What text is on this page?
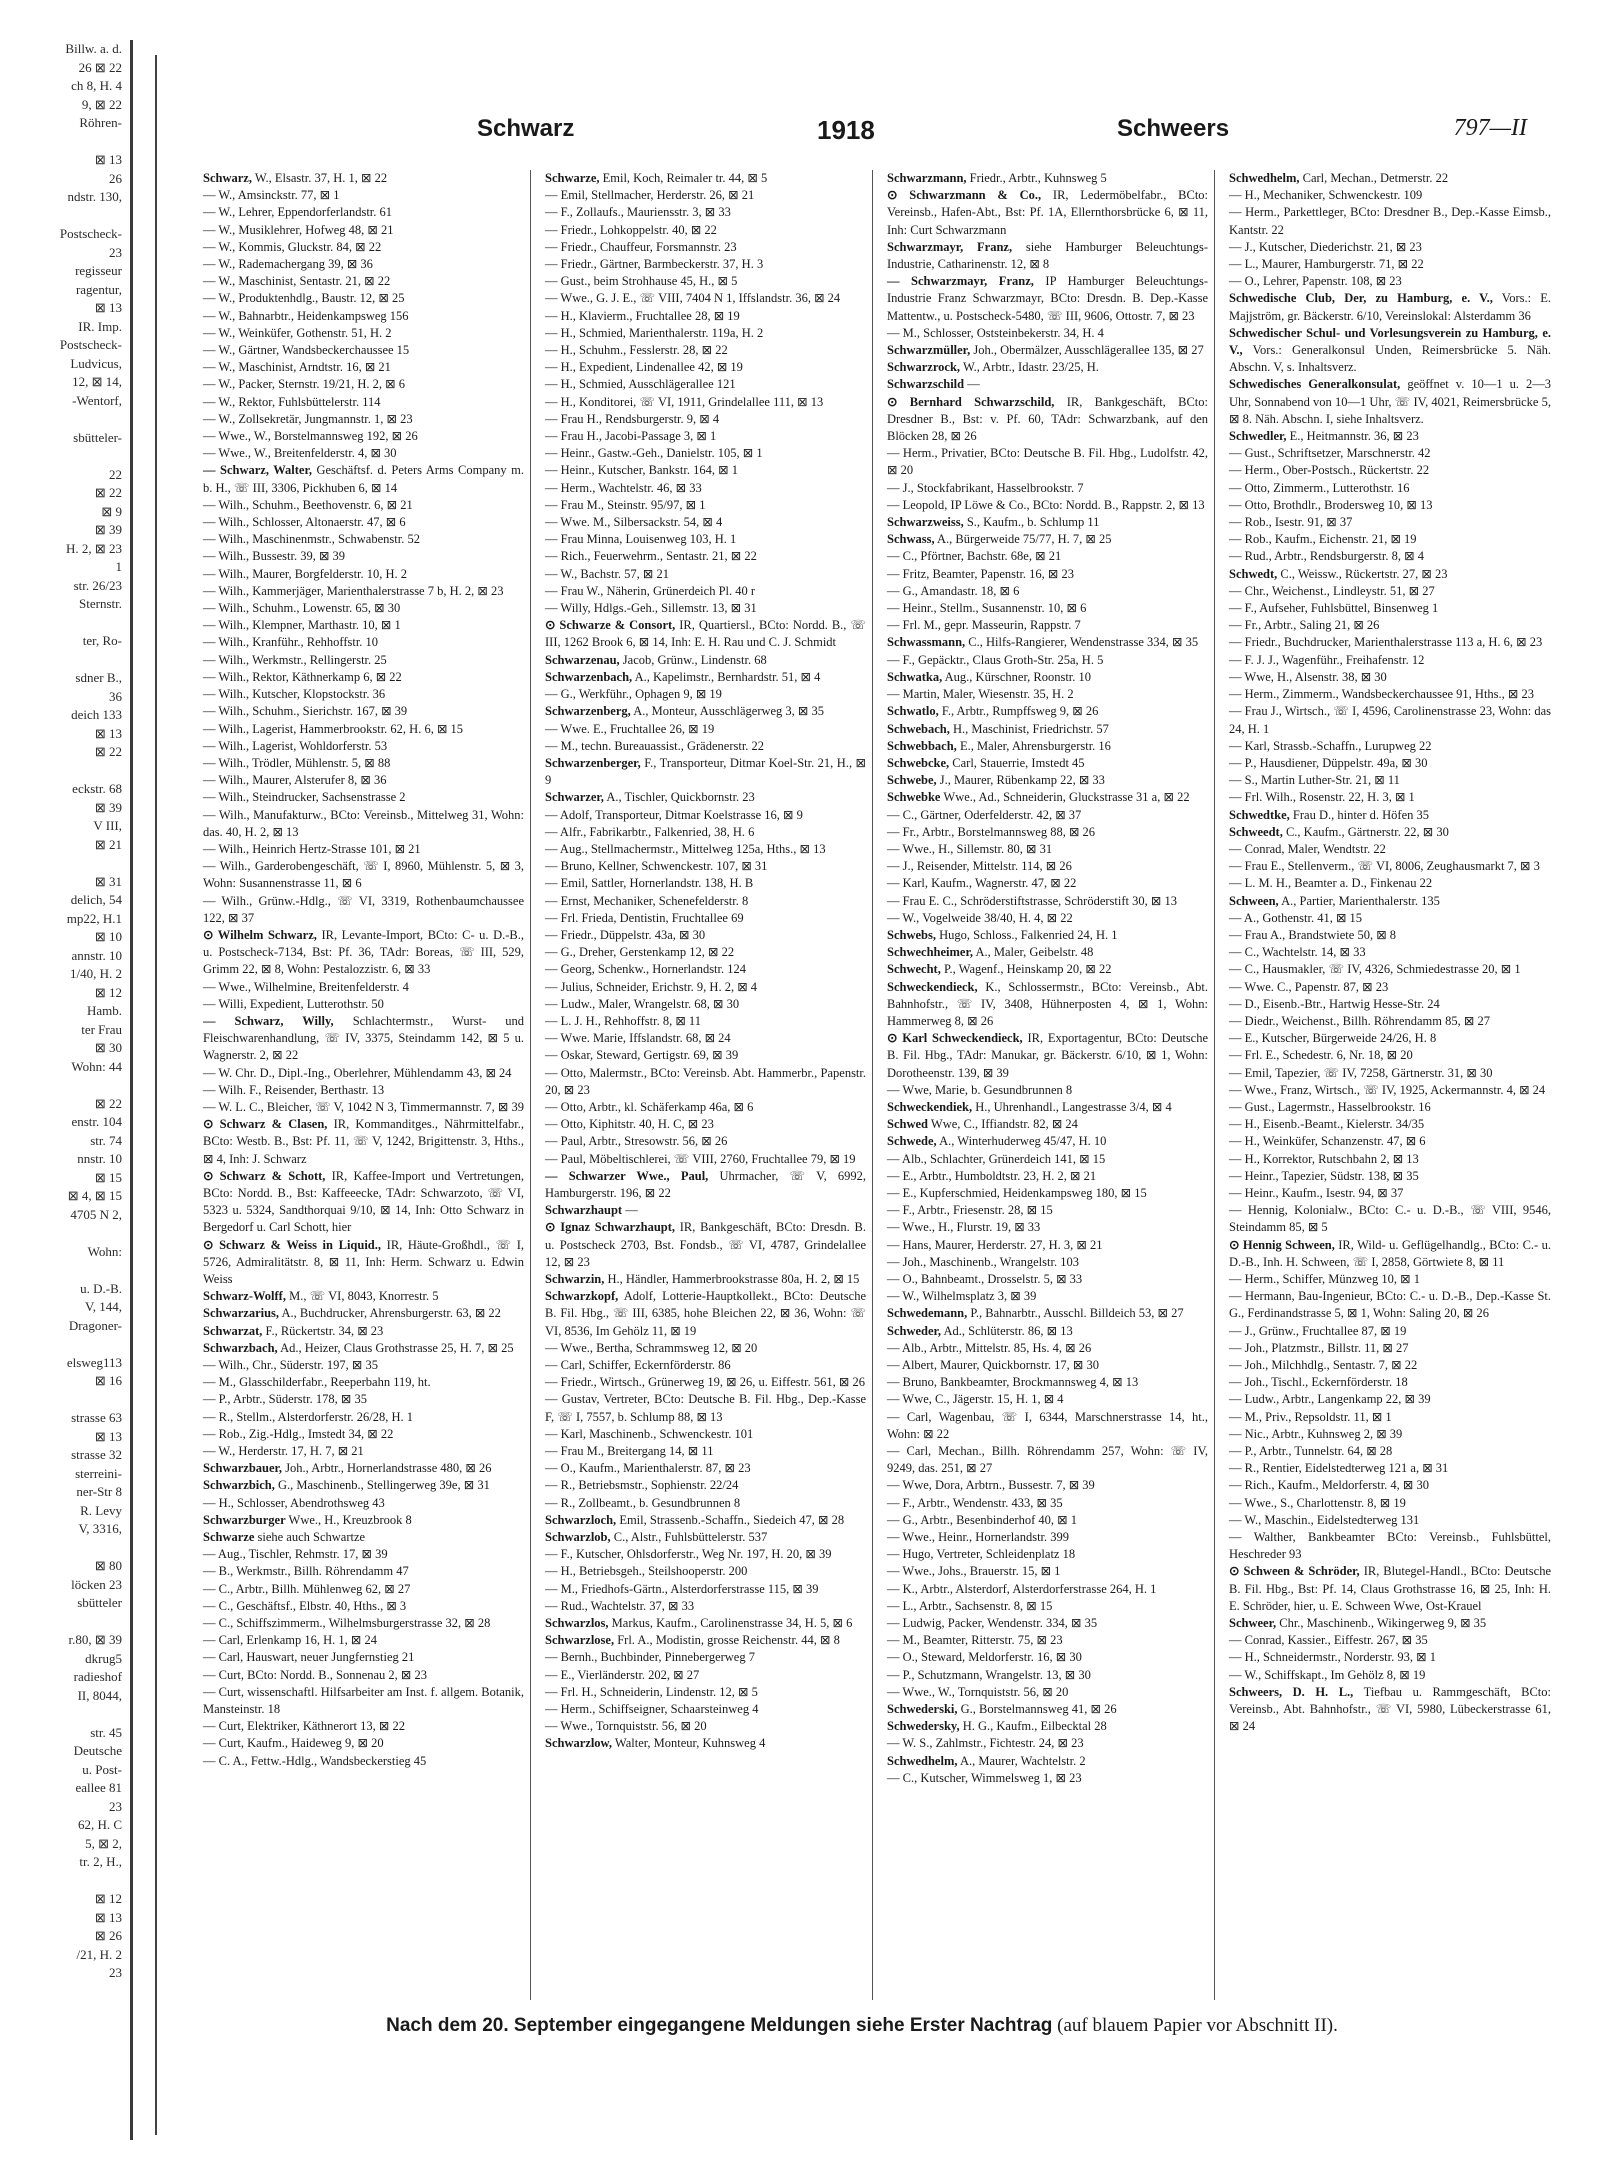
Billw. a. d.
26 ⊠ 22
ch 8, H. 4
9, ⊠ 22
Röhren-

⊠ 13
26
ndstr. 130,

Postscheck-
23
regisseur
ragentur,
⊠ 13
IR. Imp.
Postscheck-
Ludvicus,
12, ⊠ 14,
-Wentorf,

sbütteler-

22
⊠ 22
⊠ 9
⊠ 39
H. 2, ⊠ 23
1
str. 26/23
Sternstr.

ter, Ro-

sdner B.,
36
deich 133
⊠ 13
⊠ 22

eckstr. 68
⊠ 39
V III,
⊠ 21

⊠ 31
delich, 54
mp22, H.1
⊠ 10
annstr. 10
1/40, H. 2
⊠ 12
Hamb.
ter Frau
⊠ 30
Wohn: 44

⊠ 22
enstr. 104
str. 74
nnstr. 10
⊠ 15
⊠ 4, ⊠ 15
4705 N 2,

Wohn:

u. D.-B.
V, 144,
Dragoner-

elsweg113
⊠ 16

strasse 63
⊠ 13
strasse 32
sterreini-
ner-Str 8
R. Levy
V, 3316,

⊠ 80
löcken 23
sbütteler

r.80, ⊠ 39
dkrug5
radieshof
II, 8044,

str. 45
Deutsche
u. Post-
eallee 81
23
62, H. C
5, ⊠ 2,
tr. 2, H.,

⊠ 12
⊠ 13
⊠ 26
/21, H. 2
23
Schwarz	1918	Schweers	797—II

Schwarz, W., Elsastr. 37, H. 1, ⊠ 22

— W., Amsinckstr. 77, ⊠ 1

— W., Lehrer, Eppendorferlandstr. 61

— W., Musiklehrer, Hofweg 48, ⊠ 21

— W., Kommis, Gluckstr. 84, ⊠ 22

— W., Rademachergang 39, ⊠ 36

— W., Maschinist, Sentastr. 21, ⊠ 22

— W., Produktenhdlg., Baustr. 12, ⊠ 25

— W., Bahnarbtr., Heidenkampsweg 156

— W., Weinküfer, Gothenstr. 51, H. 2

— W., Gärtner, Wandsbeckerchaussee 15

— W., Maschinist, Arndtstr. 16, ⊠ 21

— W., Packer, Sternstr. 19/21, H. 2, ⊠ 6

— W., Rektor, Fuhlsbüttelerstr. 114

— W., Zollsekretär, Jungmannstr. 1, ⊠ 23

— Wwe., W., Borstelmannsweg 192, ⊠ 26

— Wwe., W., Breitenfelderstr. 4, ⊠ 30

— Schwarz, Walter, Geschäftsf. d. Peters Arms Company m. b. H., ☏ III, 3306, Pickhuben 6, ⊠ 14

— Wilh., Schuhm., Beethovenstr. 6, ⊠ 21

— Wilh., Schlosser, Altonaerstr. 47, ⊠ 6

— Wilh., Maschinenmstr., Schwabenstr. 52

— Wilh., Bussestr. 39, ⊠ 39

— Wilh., Maurer, Borgfelderstr. 10, H. 2

— Wilh., Kammerjäger, Marienthalerstrasse 7 b, H. 2, ⊠ 23

— Wilh., Schuhm., Lowenstr. 65, ⊠ 30

— Wilh., Klempner, Marthastr. 10, ⊠ 1

— Wilh., Kranführ., Rehhoffstr. 10

— Wilh., Werkmstr., Rellingerstr. 25

— Wilh., Rektor, Käthnerkamp 6, ⊠ 22

— Wilh., Kutscher, Klopstockstr. 36

— Wilh., Schuhm., Sierichstr. 167, ⊠ 39

— Wilh., Lagerist, Hammerbrookstr. 62, H. 6, ⊠ 15

— Wilh., Lagerist, Wohldorferstr. 53

— Wilh., Trödler, Mühlenstr. 5, ⊠ 88

— Wilh., Maurer, Alsterufer 8, ⊠ 36

— Wilh., Steindrucker, Sachsenstrasse 2

— Wilh., Manufakturw., BCto: Vereinsb., Mittelweg 31, Wohn: das. 40, H. 2, ⊠ 13

— Wilh., Heinrich Hertz-Strasse 101, ⊠ 21

— Wilh., Garderobengeschäft, ☏ I, 8960, Mühlenstr. 5, ⊠ 3, Wohn: Susannenstrasse 11, ⊠ 6

— Wilh., Grünw.-Hdlg., ☏ VI, 3319, Rothenbaumchaussee 122, ⊠ 37

⊙ Wilhelm Schwarz, IR, Levante-Import, BCto: C- u. D.-B., u. Postscheck-7134, Bst: Pf. 36, TAdr: Boreas, ☏ III, 529, Grimm 22, ⊠ 8, Wohn: Pestalozzistr. 6, ⊠ 33

— Wwe., Wilhelmine, Breitenfelderstr. 4

— Willi, Expedient, Lutterothstr. 50

— Schwarz, Willy, Schlachtermstr., Wurst- und Fleischwarenhandlung, ☏ IV, 3375, Steindamm 142, ⊠ 5 u. Wagnerstr. 2, ⊠ 22

— W. Chr. D., Dipl.-Ing., Oberlehrer, Mühlendamm 43, ⊠ 24

— Wilh. F., Reisender, Berthastr. 13

— W. L. C., Bleicher, ☏ V, 1042 N 3, Timmermannstr. 7, ⊠ 39

⊙ Schwarz & Clasen, IR, Kommanditges., Nährmittelfabr., BCto: Westb. B., Bst: Pf. 11, ☏ V, 1242, Brigittenstr. 3, Hths., ⊠ 4, Inh: J. Schwarz

⊙ Schwarz & Schott, IR, Kaffee-Import und Vertretungen, BCto: Nordd. B., Bst: Kaffeeecke, TAdr: Schwarzoto, ☏ VI, 5323 u. 5324, Sandthorquai 9/10, ⊠ 14, Inh: Otto Schwarz in Bergedorf u. Carl Schott, hier

⊙ Schwarz & Weiss in Liquid., IR, Häute-Großhdl., ☏ I, 5726, Admiralitätstr. 8, ⊠ 11, Inh: Herm. Schwarz u. Edwin Weiss

Schwarz-Wolff, M., ☏ VI, 8043, Knorrestr. 5

Schwarzarius, A., Buchdrucker, Ahrensburgerstr. 63, ⊠ 22

Schwarzat, F., Rückertstr. 34, ⊠ 23

Schwarzbach, Ad., Heizer, Claus Grothstrasse 25, H. 7, ⊠ 25

— Wilh., Chr., Süderstr. 197, ⊠ 35

— M., Glasschilderfabr., Reeperbahn 119, ht.

— P., Arbtr., Süderstr. 178, ⊠ 35

— R., Stellm., Alsterdorferstr. 26/28, H. 1

— Rob., Zig.-Hdlg., Imstedt 34, ⊠ 22

— W., Herderstr. 17, H. 7, ⊠ 21

Schwarzbauer, Joh., Arbtr., Hornerlandstrasse 480, ⊠ 26

Schwarzbich, G., Maschinenb., Stellingerweg 39e, ⊠ 31

— H., Schlosser, Abendrothsweg 43

Schwarzburger Wwe., H., Kreuzbrook 8

Schwarze siehe auch Schwartze

— Aug., Tischler, Rehmstr. 17, ⊠ 39

— B., Werkmstr., Billh. Röhrendamm 47

— C., Arbtr., Billh. Mühlenweg 62, ⊠ 27

— C., Geschäftsf., Elbstr. 40, Hths., ⊠ 3

— C., Schiffszimmerm., Wilhelmsburgerstrasse 32, ⊠ 28

— Carl, Erlenkamp 16, H. 1, ⊠ 24

— Carl, Hauswart, neuer Jungfernstieg 21

— Curt, BCto: Nordd. B., Sonnenau 2, ⊠ 23

— Curt, wissenschaftl. Hilfsarbeiter am Inst. f. allgem. Botanik, Mansteinstr. 18

— Curt, Elektriker, Käthnerort 13, ⊠ 22

— Curt, Kaufm., Haideweg 9, ⊠ 20

— C. A., Fettw.-Hdlg., Wandsbeckerstieg 45

Schwarze, Emil, Koch, Reimaler tr. 44, ⊠ 5

— Emil, Stellmacher, Herderstr. 26, ⊠ 21

— F., Zollaufs., Mauriensstr. 3, ⊠ 33

— Friedr., Lohkoppelstr. 40, ⊠ 22

— Friedr., Chauffeur, Forsmannstr. 23

— Friedr., Gärtner, Barmbeckerstr. 37, H. 3

— Gust., beim Strohhause 45, H., ⊠ 5

— Wwe., G. J. E., ☏ VIII, 7404 N 1, Iffslandstr. 36, ⊠ 24

— H., Klavierm., Fruchtallee 28, ⊠ 19

— H., Schmied, Marienthalerstr. 119a, H. 2

— H., Schuhm., Fesslerstr. 28, ⊠ 22

— H., Expedient, Lindenallee 42, ⊠ 19

— H., Schmied, Ausschlägerallee 121

— H., Konditorei, ☏ VI, 1911, Grindelallee 111, ⊠ 13

— Frau H., Rendsburgerstr. 9, ⊠ 4

— Frau H., Jacobi-Passage 3, ⊠ 1

— Heinr., Gastw.-Geh., Danielstr. 105, ⊠ 1

— Heinr., Kutscher, Bankstr. 164, ⊠ 1

— Herm., Wachtelstr. 46, ⊠ 33

— Frau M., Steinstr. 95/97, ⊠ 1

— Wwe. M., Silbersackstr. 54, ⊠ 4

— Frau Minna, Louisenweg 103, H. 1

— Rich., Feuerwehrm., Sentastr. 21, ⊠ 22

— W., Bachstr. 57, ⊠ 21

— Frau W., Näherin, Grünerdeich Pl. 40 r

— Willy, Hdlgs.-Geh., Sillemstr. 13, ⊠ 31

⊙ Schwarze & Consort, IR, Quartiersl., BCto: Nordd. B., ☏ III, 1262 Brook 6, ⊠ 14, Inh: E. H. Rau und C. J. Schmidt

Schwarzenau, Jacob, Grünw., Lindenstr. 68

Schwarzenbach, A., Kapelimstr., Bernhardstr. 51, ⊠ 4

— G., Werkführ., Ophagen 9, ⊠ 19

Schwarzenberg, A., Monteur, Ausschlägerweg 3, ⊠ 35

— Wwe. E., Fruchtallee 26, ⊠ 19

— M., techn. Bureauassist., Grädenerstr. 22

Schwarzenberger, F., Transporteur, Ditmar Koel-Str. 21, H., ⊠ 9

Schwarzer, A., Tischler, Quickbornstr. 23

— Adolf, Transporteur, Ditmar Koelstrasse 16, ⊠ 9

— Alfr., Fabrikarbtr., Falkenried, 38, H. 6

— Aug., Stellmachermstr., Mittelweg 125a, Hths., ⊠ 13

— Bruno, Kellner, Schwenckestr. 107, ⊠ 31

— Emil, Sattler, Hornerlandstr. 138, H. B

— Ernst, Mechaniker, Schenefelderstr. 8

— Frl. Frieda, Dentistin, Fruchtallee 69

— Friedr., Düppelstr. 43a, ⊠ 30

— G., Dreher, Gerstenkamp 12, ⊠ 22

— Georg, Schenkw., Hornerlandstr. 124

— Julius, Schneider, Erichstr. 9, H. 2, ⊠ 4

— Ludw., Maler, Wrangelstr. 68, ⊠ 30

— L. J. H., Rehhoffstr. 8, ⊠ 11

— Wwe. Marie, Iffslandstr. 68, ⊠ 24

— Oskar, Steward, Gertigstr. 69, ⊠ 39

— Otto, Malermstr., BCto: Vereinsb. Abt. Hammerbr., Papenstr. 20, ⊠ 23

— Otto, Arbtr., kl. Schäferkamp 46a, ⊠ 6

— Otto, Kiphitstr. 40, H. C, ⊠ 23

— Paul, Arbtr., Stresowstr. 56, ⊠ 26

— Paul, Möbeltischlerei, ☏ VIII, 2760, Fruchtallee 79, ⊠ 19

— Schwarzer Wwe., Paul, Uhrmacher, ☏ V, 6992, Hamburgerstr. 196, ⊠ 22

Schwarzhaupt —

⊙ Ignaz Schwarzhaupt, IR, Bankgeschäft, BCto: Dresdn. B. u. Postscheck 2703, Bst. Fondsb., ☏ VI, 4787, Grindelallee 12, ⊠ 23

Schwarzin, H., Händler, Hammerbrookstrasse 80a, H. 2, ⊠ 15

Schwarzkopf, Adolf, Lotterie-Hauptkollekt., BCto: Deutsche B. Fil. Hbg., ☏ III, 6385, hohe Bleichen 22, ⊠ 36, Wohn: ☏ VI, 8536, Im Gehölz 11, ⊠ 19

— Wwe., Bertha, Schrammsweg 12, ⊠ 20

— Carl, Schiffer, Eckernförderstr. 86

— Friedr., Wirtsch., Grünerweg 19, ⊠ 26, u. Eiffestr. 561, ⊠ 26

— Gustav, Vertreter, BCto: Deutsche B. Fil. Hbg., Dep.-Kasse F, ☏ I, 7557, b. Schlump 88, ⊠ 13

— Karl, Maschinenb., Schwenckestr. 101

— Frau M., Breitergang 14, ⊠ 11

— O., Kaufm., Marienthalerstr. 87, ⊠ 23

— R., Betriebsmstr., Sophienstr. 22/24

— R., Zollbeamt., b. Gesundbrunnen 8

Schwarzloch, Emil, Strassenb.-Schaffn., Siedeich 47, ⊠ 28

Schwarzlob, C., Alstr., Fuhlsbüttelerstr. 537

— F., Kutscher, Ohlsdorferstr., Weg Nr. 197, H. 20, ⊠ 39

— H., Betriebsgeh., Steilshooperstr. 200

— M., Friedhofs-Gärtn., Alsterdorferstrasse 115, ⊠ 39

— Rud., Wachtelstr. 37, ⊠ 33

Schwarzlos, Markus, Kaufm., Carolinenstrasse 34, H. 5, ⊠ 6

Schwarzlose, Frl. A., Modistin, grosse Reichenstr. 44, ⊠ 8

— Bernh., Buchbinder, Pinnebergerweg 7

— E., Vierländerstr. 202, ⊠ 27

— Frl. H., Schneiderin, Lindenstr. 12, ⊠ 5

— Herm., Schiffseigner, Schaarsteinweg 4

— Wwe., Tornquiststr. 56, ⊠ 20

Schwarzlow, Walter, Monteur, Kuhnsweg 4

Schwarzmann, Friedr., Arbtr., Kuhnsweg 5

⊙ Schwarzmann & Co., IR, Ledermöbelfabr., BCto: Vereinsb., Hafen-Abt., Bst: Pf. 1A, Ellernthorsbrücke 6, ⊠ 11, Inh: Curt Schwarzmann

Schwarzmayr, Franz, siehe Hamburger Beleuchtungs-Industrie, Catharinenstr. 12, ⊠ 8

— Schwarzmayr, Franz, IP Hamburger Beleuchtungs-Industrie Franz Schwarzmayr, BCto: Dresdn. B. Dep.-Kasse Mattentw., u. Postscheck-5480, ☏ III, 9606, Ottostr. 7, ⊠ 23

— M., Schlosser, Oststeinbekerstr. 34, H. 4

Schwarzmüller, Joh., Obermälzer, Ausschlägerallee 135, ⊠ 27

Schwarzrock, W., Arbtr., Idastr. 23/25, H.

Schwarzschild —

⊙ Bernhard Schwarzschild, IR, Bankgeschäft, BCto: Dresdner B., Bst: v. Pf. 60, TAdr: Schwarzbank, auf den Blöcken 28, ⊠ 26

— Herm., Privatier, BCto: Deutsche B. Fil. Hbg., Ludolfstr. 42, ⊠ 20

— J., Stockfabrikant, Hasselbrookstr. 7

— Leopold, IP Löwe & Co., BCto: Nordd. B., Rappstr. 2, ⊠ 13

Schwarzweiss, S., Kaufm., b. Schlump 11

Schwass, A., Bürgerweide 75/77, H. 7, ⊠ 25

— C., Pförtner, Bachstr. 68e, ⊠ 21

— Fritz, Beamter, Papenstr. 16, ⊠ 23

— G., Amandastr. 18, ⊠ 6

— Heinr., Stellm., Susannenstr. 10, ⊠ 6

— Frl. M., gepr. Masseurin, Rappstr. 7

Schwassmann, C., Hilfs-Rangierer, Wendenstrasse 334, ⊠ 35

— F., Gepäcktr., Claus Groth-Str. 25a, H. 5

Schwatka, Aug., Kürschner, Roonstr. 10

— Martin, Maler, Wiesenstr. 35, H. 2

Schwatlo, F., Arbtr., Rumpffsweg 9, ⊠ 26

Schwebach, H., Maschinist, Friedrichstr. 57

Schwebbach, E., Maler, Ahrensburgerstr. 16

Schwebcke, Carl, Stauerrie, Imstedt 45

Schwebe, J., Maurer, Rübenkamp 22, ⊠ 33

Schwebke Wwe., Ad., Schneiderin, Gluckstrasse 31 a, ⊠ 22

— C., Gärtner, Oderfelderstr. 42, ⊠ 37

— Fr., Arbtr., Borstelmannsweg 88, ⊠ 26

— Wwe., H., Sillemstr. 80, ⊠ 31

— J., Reisender, Mittelstr. 114, ⊠ 26

— Karl, Kaufm., Wagnerstr. 47, ⊠ 22

— Frau E. C., Schröderstiftstrasse, Schröderstift 30, ⊠ 13

— W., Vogelweide 38/40, H. 4, ⊠ 22

Schwebs, Hugo, Schloss., Falkenried 24, H. 1

Schwechheimer, A., Maler, Geibelstr. 48

Schwecht, P., Wagenf., Heinskamp 20, ⊠ 22

Schweckendieck, K., Schlossermstr., BCto: Vereinsb., Abt. Bahnhofstr., ☏ IV, 3408, Hühnerposten 4, ⊠ 1, Wohn: Hammerweg 8, ⊠ 26

⊙ Karl Schweckendieck, IR, Exportagentur, BCto: Deutsche B. Fil. Hbg., TAdr: Manukar, gr. Bäckerstr. 6/10, ⊠ 1, Wohn: Dorotheenstr. 139, ⊠ 39

— Wwe, Marie, b. Gesundbrunnen 8

Schweckendiek, H., Uhrenhandl., Langestrasse 3/4, ⊠ 4

Schwed Wwe, C., Iffiandstr. 82, ⊠ 24

Schwede, A., Winterhuderweg 45/47, H. 10

— Alb., Schlachter, Grünerdeich 141, ⊠ 15

— E., Arbtr., Humboldtstr. 23, H. 2, ⊠ 21

— E., Kupferschmied, Heidenkampsweg 180, ⊠ 15

— F., Arbtr., Friesenstr. 28, ⊠ 15

— Wwe., H., Flurstr. 19, ⊠ 33

— Hans, Maurer, Herderstr. 27, H. 3, ⊠ 21

— Joh., Maschinenb., Wrangelstr. 103

— O., Bahnbeamt., Drosselstr. 5, ⊠ 33

— W., Wilhelmsplatz 3, ⊠ 39

Schwedemann, P., Bahnarbtr., Ausschl. Billdeich 53, ⊠ 27

Schweder, Ad., Schlüterstr. 86, ⊠ 13

— Alb., Arbtr., Mittelstr. 85, Hs. 4, ⊠ 26

— Albert, Maurer, Quickbornstr. 17, ⊠ 30

— Bruno, Bankbeamter, Brockmannsweg 4, ⊠ 13

— Wwe, C., Jägerstr. 15, H. 1, ⊠ 4

— Carl, Wagenbau, ☏ I, 6344, Marschnerstrasse 14, ht., Wohn: ⊠ 22

— Carl, Mechan., Billh. Röhrendamm 257, Wohn: ☏ IV, 9249, das. 251, ⊠ 27

— Wwe, Dora, Arbtrn., Bussestr. 7, ⊠ 39

— F., Arbtr., Wendenstr. 433, ⊠ 35

— G., Arbtr., Besenbinderhof 40, ⊠ 1

— Wwe., Heinr., Hornerlandstr. 399

— Hugo, Vertreter, Schleidenplatz 18

— Wwe., Johs., Brauerstr. 15, ⊠ 1

— K., Arbtr., Alsterdorf, Alsterdorferstrasse 264, H. 1

— L., Arbtr., Sachsenstr. 8, ⊠ 15

— Ludwig, Packer, Wendenstr. 334, ⊠ 35

— M., Beamter, Ritterstr. 75, ⊠ 23

— O., Steward, Meldorferstr. 16, ⊠ 30

— P., Schutzmann, Wrangelstr. 13, ⊠ 30

— Wwe., W., Tornquiststr. 56, ⊠ 20

Schwederski, G., Borstelmannsweg 41, ⊠ 26

Schwedersky, H. G., Kaufm., Eilbecktal 28

— W. S., Zahlmstr., Fichtestr. 24, ⊠ 23

Schwedhelm, A., Maurer, Wachtelstr. 2

— C., Kutscher, Wimmelsweg 1, ⊠ 23

Schwedhelm, Carl, Mechan., Detmerstr. 22

— H., Mechaniker, Schwenckestr. 109

— Herm., Parkettleger, BCto: Dresdner B., Dep.-Kasse Eimsb., Kantstr. 22

— J., Kutscher, Diederichstr. 21, ⊠ 23

— L., Maurer, Hamburgerstr. 71, ⊠ 22

— O., Lehrer, Papenstr. 108, ⊠ 23

Schwedische Club, Der, zu Hamburg, e. V., Vors.: E. Majjström, gr. Bäckerstr. 6/10, Vereinslokal: Alsterdamm 36

Schwedischer Schul- und Vorlesungsverein zu Hamburg, e. V., Vors.: Generalkonsul Unden, Reimersbrücke 5. Näh. Abschn. V, s. Inhaltsverz.

Schwedisches Generalkonsulat, geöffnet v. 10—1 u. 2—3 Uhr, Sonnabend von 10—1 Uhr, ☏ IV, 4021, Reimersbrücke 5, ⊠ 8. Näh. Abschn. I, siehe Inhaltsverz.

Schwedler, E., Heitmannstr. 36, ⊠ 23

— Gust., Schriftsetzer, Marschnerstr. 42

— Herm., Ober-Postsch., Rückertstr. 22

— Otto, Zimmerm., Lutterothstr. 16

— Otto, Brothdlr., Brodersweg 10, ⊠ 13

— Rob., Isestr. 91, ⊠ 37

— Rob., Kaufm., Eichenstr. 21, ⊠ 19

— Rud., Arbtr., Rendsburgerstr. 8, ⊠ 4

Schwedt, C., Weissw., Rückertstr. 27, ⊠ 23

— Chr., Weichenst., Lindleystr. 51, ⊠ 27

— F., Aufseher, Fuhlsbüttel, Binsenweg 1

— Fr., Arbtr., Saling 21, ⊠ 26

— Friedr., Buchdrucker, Marienthalerstrasse 113 a, H. 6, ⊠ 23

— F. J. J., Wagenführ., Freihafenstr. 12

— Wwe, H., Alsenstr. 38, ⊠ 30

— Herm., Zimmerm., Wandsbeckerchaussee 91, Hths., ⊠ 23

— Frau J., Wirtsch., ☏ I, 4596, Carolinenstrasse 23, Wohn: das 24, H. 1

— Karl, Strassb.-Schaffn., Lurupweg 22

— P., Hausdiener, Düppelstr. 49a, ⊠ 30

— S., Martin Luther-Str. 21, ⊠ 11

— Frl. Wilh., Rosenstr. 22, H. 3, ⊠ 1

Schwedtke, Frau D., hinter d. Höfen 35

Schweedt, C., Kaufm., Gärtnerstr. 22, ⊠ 30

— Conrad, Maler, Wendtstr. 22

— Frau E., Stellenverm., ☏ VI, 8006, Zeughausmarkt 7, ⊠ 3

— L. M. H., Beamter a. D., Finkenau 22

Schween, A., Partier, Marienthalerstr. 135

— A., Gothenstr. 41, ⊠ 15

— Frau A., Brandstwiete 50, ⊠ 8

— C., Wachtelstr. 14, ⊠ 33

— C., Hausmakler, ☏ IV, 4326, Schmiedestrasse 20, ⊠ 1

— Wwe. C., Papenstr. 87, ⊠ 23

— D., Eisenb.-Btr., Hartwig Hesse-Str. 24

— Diedr., Weichenst., Billh. Röhrendamm 85, ⊠ 27

— E., Kutscher, Bürgerweide 24/26, H. 8

— Frl. E., Schedestr. 6, Nr. 18, ⊠ 20

— Emil, Tapezier, ☏ IV, 7258, Gärtnerstr. 31, ⊠ 30

— Wwe., Franz, Wirtsch., ☏ IV, 1925, Ackermannstr. 4, ⊠ 24

— Gust., Lagermstr., Hasselbrookstr. 16

— H., Eisenb.-Beamt., Kielerstr. 34/35

— H., Weinküfer, Schanzenstr. 47, ⊠ 6

— H., Korrektor, Rutschbahn 2, ⊠ 13

— Heinr., Tapezier, Südstr. 138, ⊠ 35

— Heinr., Kaufm., Isestr. 94, ⊠ 37

— Hennig, Kolonialw., BCto: C.- u. D.-B., ☏ VIII, 9546, Steindamm 85, ⊠ 5

⊙ Hennig Schween, IR, Wild- u. Geflügelhandlg., BCto: C.- u. D.-B., Inh. H. Schween, ☏ I, 2858, Görtwiete 8, ⊠ 11

— Herm., Schiffer, Münzweg 10, ⊠ 1

— Hermann, Bau-Ingenieur, BCto: C.- u. D.-B., Dep.-Kasse St. G., Ferdinandstrasse 5, ⊠ 1, Wohn: Saling 20, ⊠ 26

— J., Grünw., Fruchtallee 87, ⊠ 19

— Joh., Platzmstr., Billstr. 11, ⊠ 27

— Joh., Milchhdlg., Sentastr. 7, ⊠ 22

— Joh., Tischl., Eckernförderstr. 18

— Ludw., Arbtr., Langenkamp 22, ⊠ 39

— M., Priv., Repsoldstr. 11, ⊠ 1

— Nic., Arbtr., Kuhnsweg 2, ⊠ 39

— P., Arbtr., Tunnelstr. 64, ⊠ 28

— R., Rentier, Eidelstedterweg 121 a, ⊠ 31

— Rich., Kaufm., Meldorferstr. 4, ⊠ 30

— Wwe., S., Charlottenstr. 8, ⊠ 19

— W., Maschin., Eidelstedterweg 131

— Walther, Bankbeamter BCto: Vereinsb., Fuhlsbüttel, Heschreder 93

⊙ Schween & Schröder, IR, Blutegel-Handl., BCto: Deutsche B. Fil. Hbg., Bst: Pf. 14, Claus Grothstrasse 16, ⊠ 25, Inh: H. E. Schröder, hier, u. E. Schween Wwe, Ost-Krauel

Schweer, Chr., Maschinenb., Wikingerweg 9, ⊠ 35

— Conrad, Kassier., Eiffestr. 267, ⊠ 35

— H., Schneidermstr., Norderstr. 93, ⊠ 1

— W., Schiffskapt., Im Gehölz 8, ⊠ 19

Schweers, D. H. L., Tiefbau u. Rammgeschäft, BCto: Vereinsb., Abt. Bahnhofstr., ☏ VI, 5980, Lübeckerstrasse 61, ⊠ 24

Nach dem 20. September eingegangene Meldungen siehe Erster Nachtrag (auf blauem Papier vor Abschnitt II).
